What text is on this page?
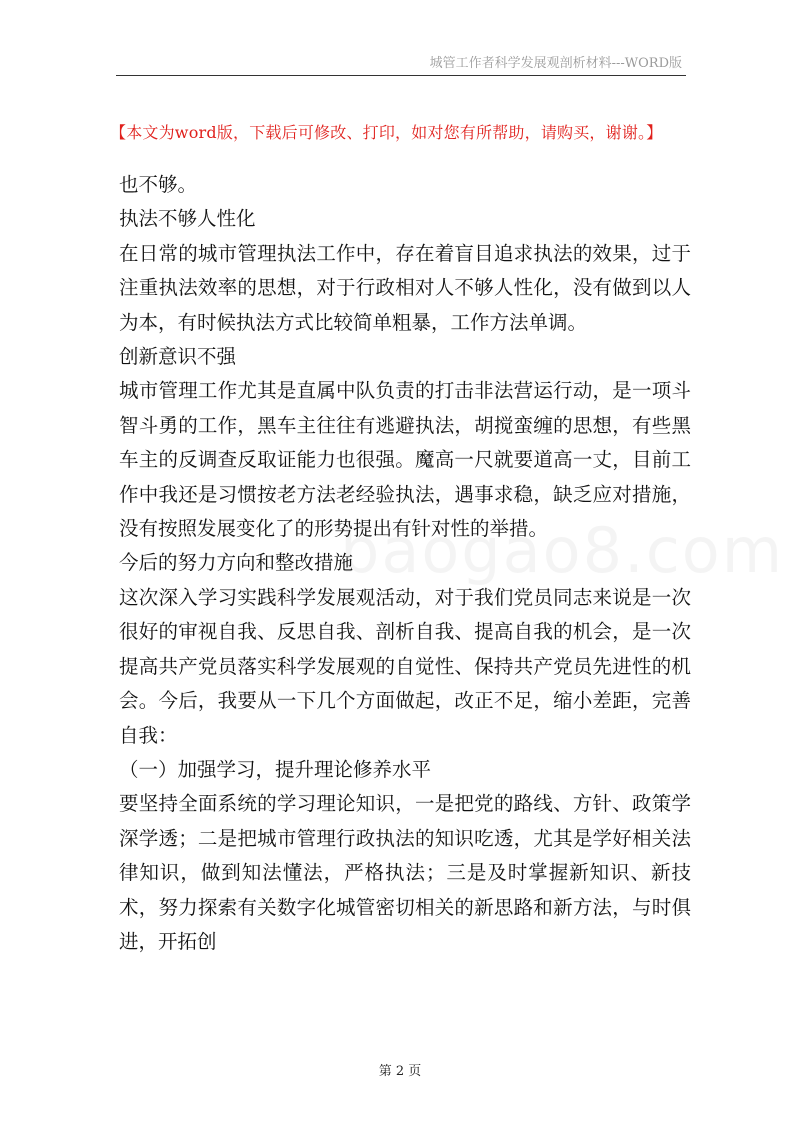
城管工作者科学发展观剖析材料---WORD版
【本文为word版，下载后可修改、打印，如对您有所帮助，请购买，谢谢。】

也不够。

执法不够人性化

在日常的城市管理执法工作中，存在着盲目追求执法的效果，过于注重执法效率的思想，对于行政相对人不够人性化，没有做到以人为本，有时候执法方式比较简单粗暴，工作方法单调。

创新意识不强

城市管理工作尤其是直属中队负责的打击非法营运行动，是一项斗智斗勇的工作，黑车主往往有逃避执法，胡搅蛮缠的思想，有些黑车主的反调查反取证能力也很强。魔高一尺就要道高一丈，目前工作中我还是习惯按老方法老经验执法，遇事求稳，缺乏应对措施，没有按照发展变化了的形势提出有针对性的举措。

今后的努力方向和整改措施

这次深入学习实践科学发展观活动，对于我们党员同志来说是一次很好的审视自我、反思自我、剖析自我、提高自我的机会，是一次提高共产党员落实科学发展观的自觉性、保持共产党员先进性的机会。今后，我要从一下几个方面做起，改正不足，缩小差距，完善自我：

（一）加强学习，提升理论修养水平

要坚持全面系统的学习理论知识，一是把党的路线、方针、政策学深学透；二是把城市管理行政执法的知识吃透，尤其是学好相关法律知识，做到知法懂法，严格执法；三是及时掌握新知识、新技术，努力探索有关数字化城管密切相关的新思路和新方法，与时俱进，开拓创

第 2 页
